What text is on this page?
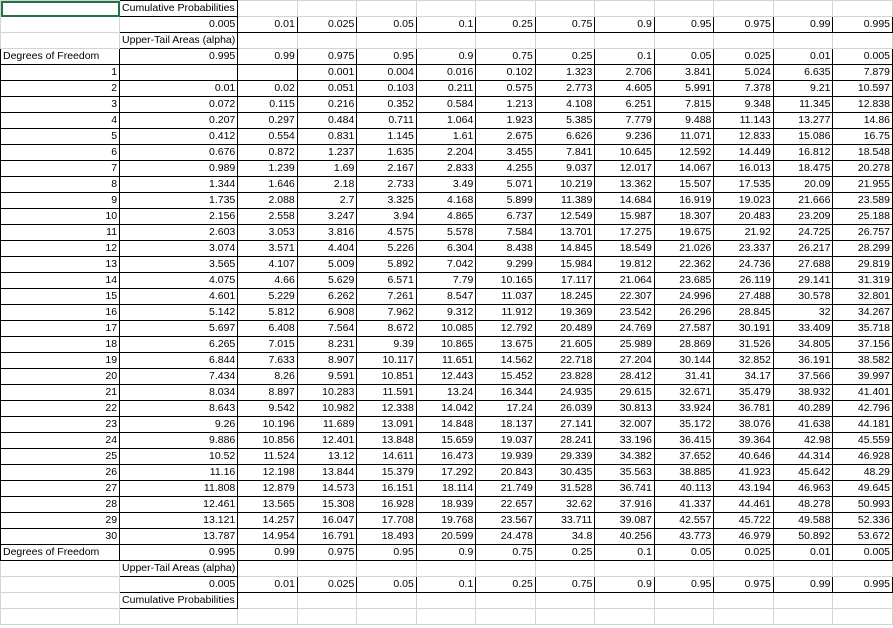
	Cumulative Probabilities											
	0.005	0.01	0.025	0.05	0.1	0.25	0.75	0.9	0.95	0.975	0.99	0.995
	Upper-Tail Areas (alpha)											
Degrees of Freedom	0.995	0.99	0.975	0.95	0.9	0.75	0.25	0.1	0.05	0.025	0.01	0.005
1			0.001	0.004	0.016	0.102	1.323	2.706	3.841	5.024	6.635	7.879
2	0.01	0.02	0.051	0.103	0.211	0.575	2.773	4.605	5.991	7.378	9.21	10.597
3	0.072	0.115	0.216	0.352	0.584	1.213	4.108	6.251	7.815	9.348	11.345	12.838
4	0.207	0.297	0.484	0.711	1.064	1.923	5.385	7.779	9.488	11.143	13.277	14.86
5	0.412	0.554	0.831	1.145	1.61	2.675	6.626	9.236	11.071	12.833	15.086	16.75
6	0.676	0.872	1.237	1.635	2.204	3.455	7.841	10.645	12.592	14.449	16.812	18.548
7	0.989	1.239	1.69	2.167	2.833	4.255	9.037	12.017	14.067	16.013	18.475	20.278
8	1.344	1.646	2.18	2.733	3.49	5.071	10.219	13.362	15.507	17.535	20.09	21.955
9	1.735	2.088	2.7	3.325	4.168	5.899	11.389	14.684	16.919	19.023	21.666	23.589
10	2.156	2.558	3.247	3.94	4.865	6.737	12.549	15.987	18.307	20.483	23.209	25.188
11	2.603	3.053	3.816	4.575	5.578	7.584	13.701	17.275	19.675	21.92	24.725	26.757
12	3.074	3.571	4.404	5.226	6.304	8.438	14.845	18.549	21.026	23.337	26.217	28.299
13	3.565	4.107	5.009	5.892	7.042	9.299	15.984	19.812	22.362	24.736	27.688	29.819
14	4.075	4.66	5.629	6.571	7.79	10.165	17.117	21.064	23.685	26.119	29.141	31.319
15	4.601	5.229	6.262	7.261	8.547	11.037	18.245	22.307	24.996	27.488	30.578	32.801
16	5.142	5.812	6.908	7.962	9.312	11.912	19.369	23.542	26.296	28.845	32	34.267
17	5.697	6.408	7.564	8.672	10.085	12.792	20.489	24.769	27.587	30.191	33.409	35.718
18	6.265	7.015	8.231	9.39	10.865	13.675	21.605	25.989	28.869	31.526	34.805	37.156
19	6.844	7.633	8.907	10.117	11.651	14.562	22.718	27.204	30.144	32.852	36.191	38.582
20	7.434	8.26	9.591	10.851	12.443	15.452	23.828	28.412	31.41	34.17	37.566	39.997
21	8.034	8.897	10.283	11.591	13.24	16.344	24.935	29.615	32.671	35.479	38.932	41.401
22	8.643	9.542	10.982	12.338	14.042	17.24	26.039	30.813	33.924	36.781	40.289	42.796
23	9.26	10.196	11.689	13.091	14.848	18.137	27.141	32.007	35.172	38.076	41.638	44.181
24	9.886	10.856	12.401	13.848	15.659	19.037	28.241	33.196	36.415	39.364	42.98	45.559
25	10.52	11.524	13.12	14.611	16.473	19.939	29.339	34.382	37.652	40.646	44.314	46.928
26	11.16	12.198	13.844	15.379	17.292	20.843	30.435	35.563	38.885	41.923	45.642	48.29
27	11.808	12.879	14.573	16.151	18.114	21.749	31.528	36.741	40.113	43.194	46.963	49.645
28	12.461	13.565	15.308	16.928	18.939	22.657	32.62	37.916	41.337	44.461	48.278	50.993
29	13.121	14.257	16.047	17.708	19.768	23.567	33.711	39.087	42.557	45.722	49.588	52.336
30	13.787	14.954	16.791	18.493	20.599	24.478	34.8	40.256	43.773	46.979	50.892	53.672
Degrees of Freedom	0.995	0.99	0.975	0.95	0.9	0.75	0.25	0.1	0.05	0.025	0.01	0.005
	Upper-Tail Areas (alpha)											
	0.005	0.01	0.025	0.05	0.1	0.25	0.75	0.9	0.95	0.975	0.99	0.995
	Cumulative Probabilities											
